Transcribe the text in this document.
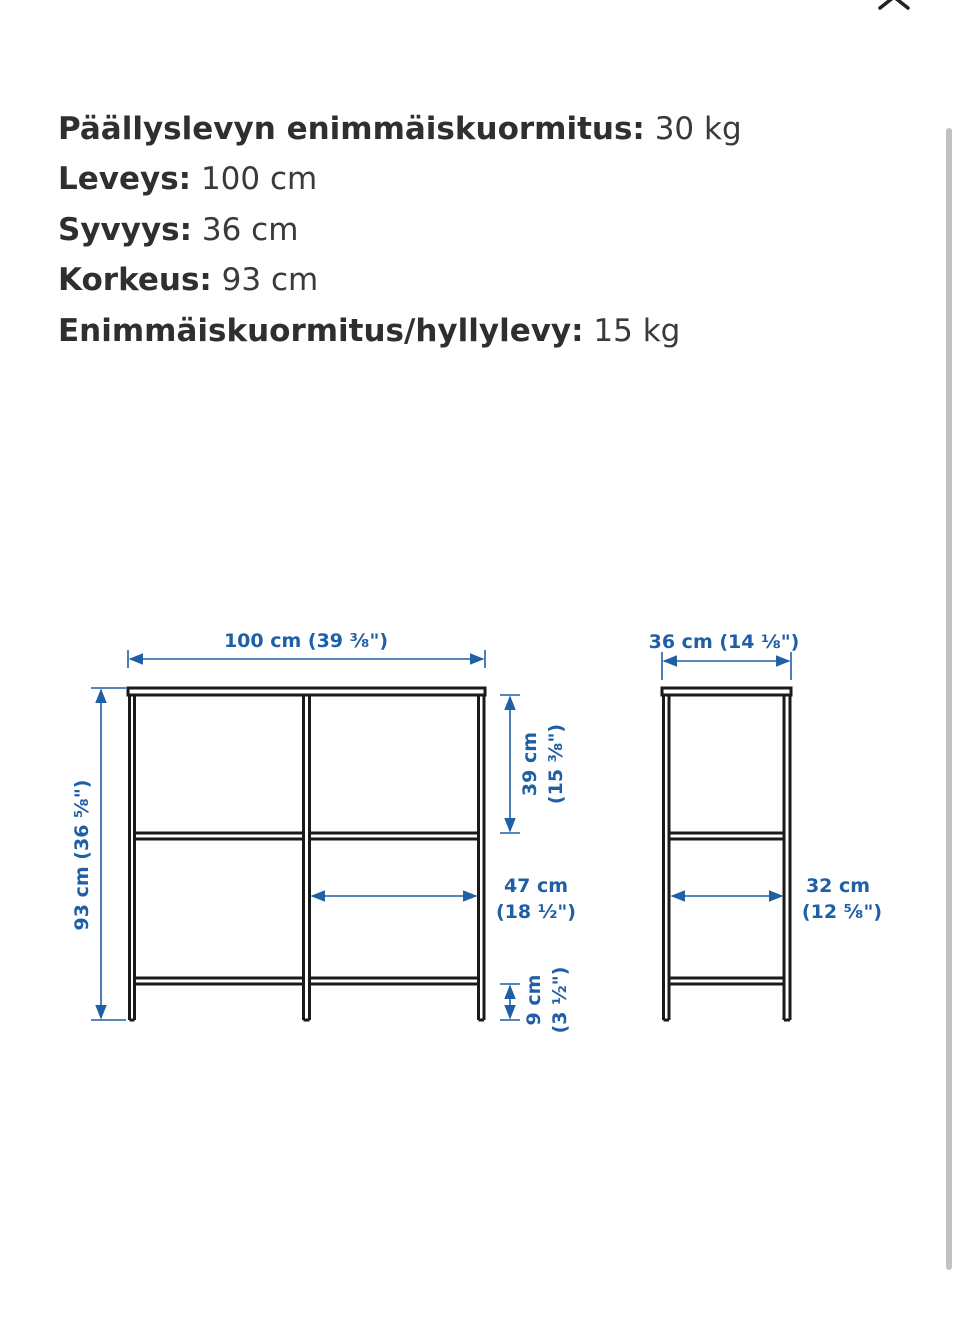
Päällyslevyn enimmäiskuormitus: 30 kg
Leveys: 100 cm
Syvyys: 36 cm
Korkeus: 93 cm
Enimmäiskuormitus/hyllylevy: 15 kg
100 cm (39 ³⁄₈")
93 cm (36 ⁵⁄₈")
39 cm (15 ³⁄₈")
47 cm
(18 ½")
9 cm (3 ½")
36 cm (14 ⅛")
32 cm
(12 ⁵⁄₈")
